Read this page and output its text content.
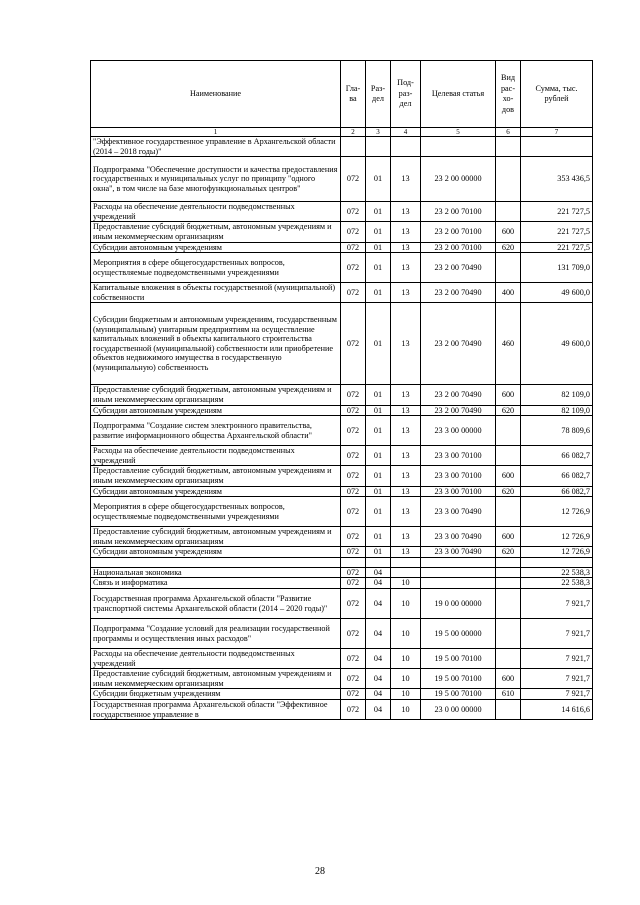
Наименование	Гла-ва	Раз-дел	Под-раз-дел	Целевая статья	Вид рас-хо-дов	Сумма, тыс. рублей
1	2	3	4	5	6	7
"Эффективное государственное управление в Архангельской области (2014 – 2018 годы)"						
Подпрограмма "Обеспечение доступности и качества предоставления государственных и муниципальных услуг по принципу "одного окна", в том числе на базе многофункциональных центров"	072	01	13	23 2 00 00000		353 436,5
Расходы на обеспечение деятельности подведомственных учреждений	072	01	13	23 2 00 70100		221 727,5
Предоставление субсидий бюджетным, автономным учреждениям и иным некоммерческим организациям	072	01	13	23 2 00 70100	600	221 727,5
Субсидии автономным учреждениям	072	01	13	23 2 00 70100	620	221 727,5
Мероприятия в сфере общегосударственных вопросов, осуществляемые подведомственными учреждениями	072	01	13	23 2 00 70490		131 709,0
Капитальные вложения в объекты государственной (муниципальной) собственности	072	01	13	23 2 00 70490	400	49 600,0
Субсидии бюджетным и автономным учреждениям, государственным (муниципальным) унитарным предприятиям на осуществление капитальных вложений в объекты капитального строительства государственной (муниципальной) собственности или приобретение объектов недвижимого имущества в государственную (муниципальную) собственность	072	01	13	23 2 00 70490	460	49 600,0
Предоставление субсидий бюджетным, автономным учреждениям и иным некоммерческим организациям	072	01	13	23 2 00 70490	600	82 109,0
Субсидии автономным учреждениям	072	01	13	23 2 00 70490	620	82 109,0
Подпрограмма "Создание систем электронного правительства, развитие информационного общества Архангельской области"	072	01	13	23 3 00 00000		78 809,6
Расходы на обеспечение деятельности подведомственных учреждений	072	01	13	23 3 00 70100		66 082,7
Предоставление субсидий бюджетным, автономным учреждениям и иным некоммерческим организациям	072	01	13	23 3 00 70100	600	66 082,7
Субсидии автономным учреждениям	072	01	13	23 3 00 70100	620	66 082,7
Мероприятия в сфере общегосударственных вопросов, осуществляемые подведомственными учреждениями	072	01	13	23 3 00 70490		12 726,9
Предоставление субсидий бюджетным, автономным учреждениям и иным некоммерческим организациям	072	01	13	23 3 00 70490	600	12 726,9
Субсидии автономным учреждениям	072	01	13	23 3 00 70490	620	12 726,9

Национальная экономика	072	04				22 538,3
Связь и информатика	072	04	10			22 538,3
Государственная программа Архангельской области "Развитие транспортной системы Архангельской области (2014 – 2020 годы)"	072	04	10	19 0 00 00000		7 921,7
Подпрограмма "Создание условий для реализации государственной программы и осуществления иных расходов"	072	04	10	19 5 00 00000		7 921,7
Расходы на обеспечение деятельности подведомственных учреждений	072	04	10	19 5 00 70100		7 921,7
Предоставление субсидий бюджетным, автономным учреждениям и иным некоммерческим организациям	072	04	10	19 5 00 70100	600	7 921,7
Субсидии бюджетным учреждениям	072	04	10	19 5 00 70100	610	7 921,7
Государственная программа Архангельской области "Эффективное государственное управление в	072	04	10	23 0 00 00000		14 616,6
28
